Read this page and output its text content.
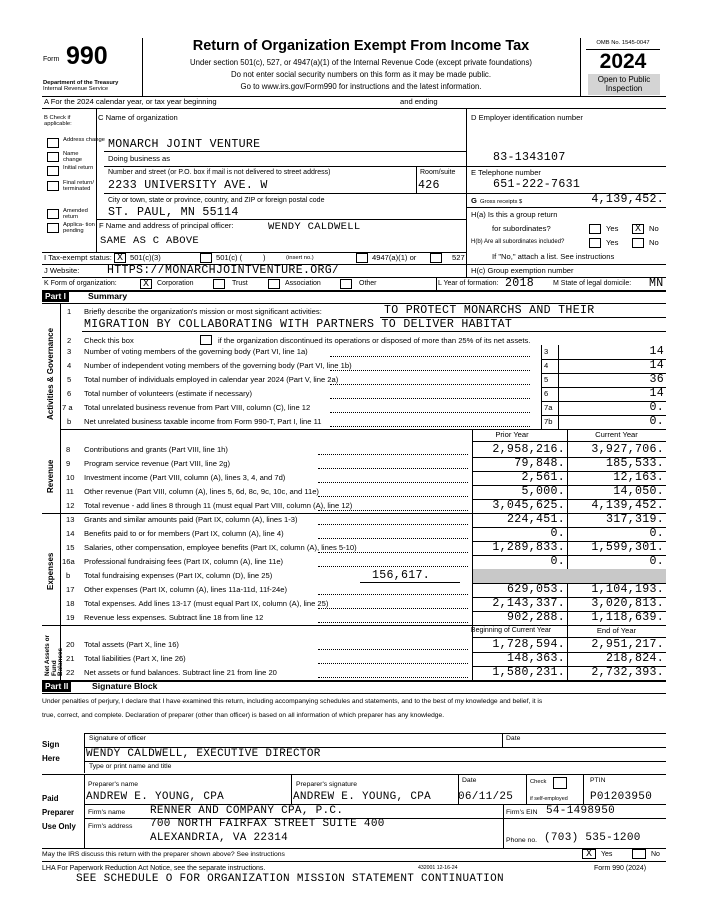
Form 990
Department of the Treasury
Internal Revenue Service
Return of Organization Exempt From Income Tax
Under section 501(c), 527, or 4947(a)(1) of the Internal Revenue Code (except private foundations)
Do not enter social security numbers on this form as it may be made public.
Go to www.irs.gov/Form990 for instructions and the latest information.
OMB No. 1545-0047
2024
Open to Public
Inspection
A For the 2024 calendar year, or tax year beginning	and ending
B Check if applicable:
Address change
Name change
Initial return
Final return/ terminated
Amended return
Applica- tion pending
C Name of organization
MONARCH JOINT VENTURE
Doing business as
Number and street (or P.O. box if mail is not delivered to street address)	Room/suite
2233 UNIVERSITY AVE. W	426
City or town, state or province, country, and ZIP or foreign postal code
ST. PAUL, MN 55114
F Name and address of principal officer:	WENDY CALDWELL
SAME AS C ABOVE
D Employer identification number
83-1343107
E Telephone number
651-222-7631
G Gross receipts $	4,139,452.
H(a) Is this a group return
for subordinates?	Yes X	No
H(b) Are all subordinates included?	Yes	No
If "No," attach a list. See instructions
I Tax-exempt status: X 501(c)(3)	501(c) (	)	(insert no.)	4947(a)(1) or	527
J Website: HTTPS://MONARCHJOINTVENTURE.ORG/	H(c) Group exemption number
K Form of organization:	X	Corporation	Trust	Association	Other	L Year of formation: 2018	M State of legal domicile: MN
Part I	Summary
Activities & Governance
Revenue
Expenses
Net Assets or Fund Balances
1 Briefly describe the organization's mission or most significant activities:	TO PROTECT MONARCHS AND THEIR
MIGRATION BY COLLABORATING WITH PARTNERS TO DELIVER HABITAT
2 Check this box	if the organization discontinued its operations or disposed of more than 25% of its net assets.
3 Number of voting members of the governing body (Part VI, line 1a)	3	14
4 Number of independent voting members of the governing body (Part VI, line 1b)	4	14
5 Total number of individuals employed in calendar year 2024 (Part V, line 2a)	5	36
6 Total number of volunteers (estimate if necessary)	6	14
7 a Total unrelated business revenue from Part VIII, column (C), line 12	7a	0.
b Net unrelated business taxable income from Form 990-T, Part I, line 11	7b	0.
Prior Year	Current Year
8 Contributions and grants (Part VIII, line 1h)	2,958,216.	3,927,706.
9 Program service revenue (Part VIII, line 2g)	79,848.	185,533.
10 Investment income (Part VIII, column (A), lines 3, 4, and 7d)	2,561.	12,163.
11 Other revenue (Part VIII, column (A), lines 5, 6d, 8c, 9c, 10c, and 11e)	5,000.	14,050.
12 Total revenue - add lines 8 through 11 (must equal Part VIII, column (A), line 12)	3,045,625.	4,139,452.
13 Grants and similar amounts paid (Part IX, column (A), lines 1-3)	224,451.	317,319.
14 Benefits paid to or for members (Part IX, column (A), line 4)	0.	0.
15 Salaries, other compensation, employee benefits (Part IX, column (A), lines 5-10)	1,289,833.	1,599,301.
16a Professional fundraising fees (Part IX, column (A), line 11e)	0.	0.
b Total fundraising expenses (Part IX, column (D), line 25)	156,617.
17 Other expenses (Part IX, column (A), lines 11a-11d, 11f-24e)	629,053.	1,104,193.
18 Total expenses. Add lines 13-17 (must equal Part IX, column (A), line 25)	2,143,337.	3,020,813.
19 Revenue less expenses. Subtract line 18 from line 12	902,288.	1,118,639.
Beginning of Current Year	End of Year
20 Total assets (Part X, line 16)	1,728,594.	2,951,217.
21 Total liabilities (Part X, line 26)	148,363.	218,824.
22 Net assets or fund balances. Subtract line 21 from line 20	1,580,231.	2,732,393.
Part II	Signature Block
Under penalties of perjury, I declare that I have examined this return, including accompanying schedules and statements, and to the best of my knowledge and belief, it is
true, correct, and complete. Declaration of preparer (other than officer) is based on all information of which preparer has any knowledge.
Sign
Here
Signature of officer	Date
WENDY CALDWELL, EXECUTIVE DIRECTOR
Type or print name and title
Paid
Preparer
Use Only
Preparer's name	Preparer's signature
Date	Check
if self-employed
PTIN
ANDREW E. YOUNG, CPA	ANDREW E. YOUNG, CPA 06/11/25	P01203950
Firm's name RENNER AND COMPANY CPA, P.C.	Firm's EIN 54-1498950
Firm's address 700 NORTH FAIRFAX STREET SUITE 400
ALEXANDRIA, VA 22314	Phone no. (703) 535-1200
May the IRS discuss this return with the preparer shown above? See instructions	X	Yes	No
LHA For Paperwork Reduction Act Notice, see the separate instructions.	432001 12-16-24	Form 990 (2024)
SEE SCHEDULE O FOR ORGANIZATION MISSION STATEMENT CONTINUATION
